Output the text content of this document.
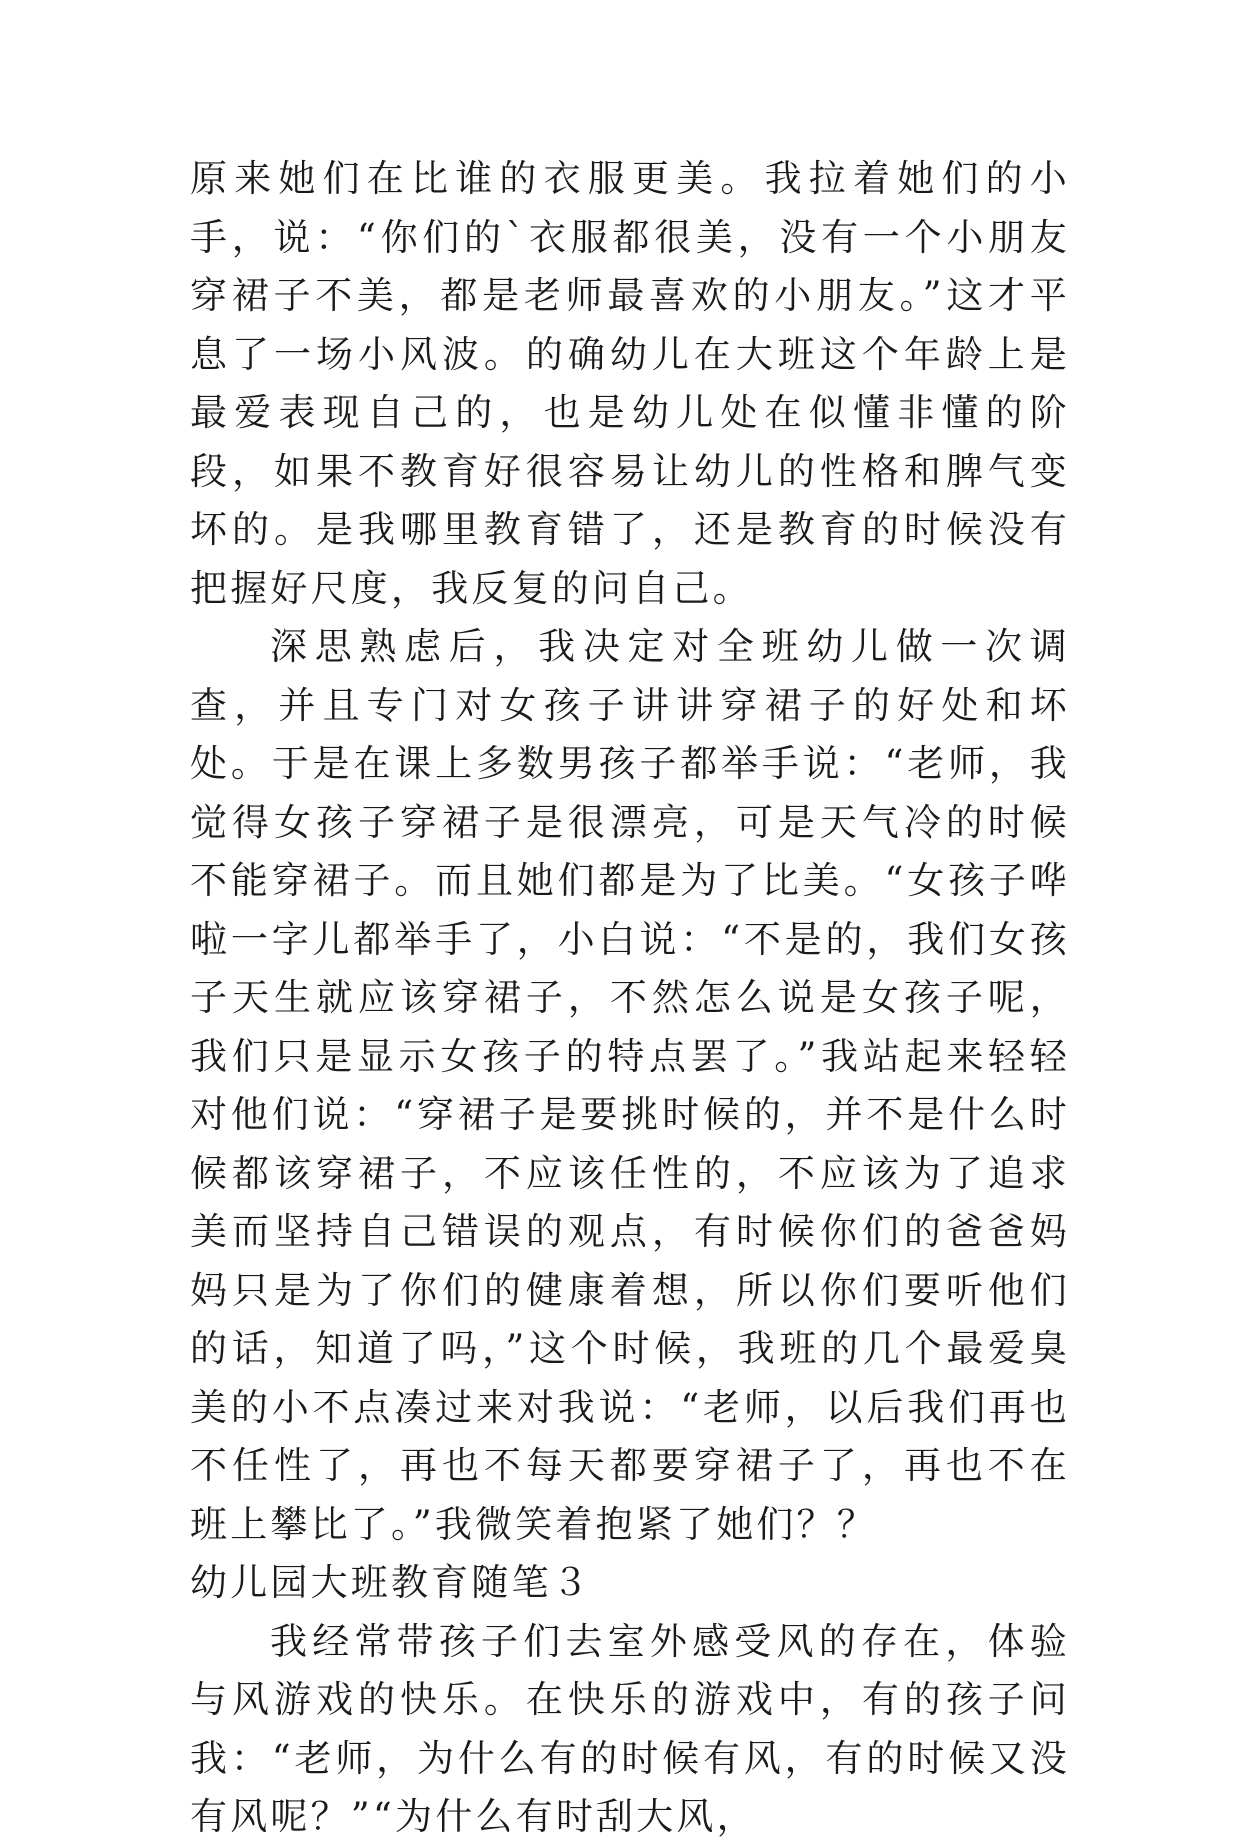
原来她们在比谁的衣服更美。我拉着她们的小手，说：“你们的`衣服都很美，没有一个小朋友穿裙子不美，都是老师最喜欢的小朋友。”这才平息了一场小风波。的确幼儿在大班这个年龄上是最爱表现自己的，也是幼儿处在似懂非懂的阶段，如果不教育好很容易让幼儿的性格和脾气变坏的。是我哪里教育错了，还是教育的时候没有把握好尺度，我反复的问自己。

深思熟虑后，我决定对全班幼儿做一次调查，并且专门对女孩子讲讲穿裙子的好处和坏处。于是在课上多数男孩子都举手说：“老师，我觉得女孩子穿裙子是很漂亮，可是天气冷的时候不能穿裙子。而且她们都是为了比美。“女孩子哗啦一字儿都举手了，小白说：“不是的，我们女孩子天生就应该穿裙子，不然怎么说是女孩子呢，我们只是显示女孩子的特点罢了。”我站起来轻轻对他们说：“穿裙子是要挑时候的，并不是什么时候都该穿裙子，不应该任性的，不应该为了追求美而坚持自己错误的观点，有时候你们的爸爸妈妈只是为了你们的健康着想，所以你们要听他们的话，知道了吗，”这个时候，我班的几个最爱臭美的小不点凑过来对我说：“老师，以后我们再也不任性了，再也不每天都要穿裙子了，再也不在班上攀比了。”我微笑着抱紧了她们？？

幼儿园大班教育随笔３

我经常带孩子们去室外感受风的存在，体验与风游戏的快乐。在快乐的游戏中，有的孩子问我：“老师，为什么有的时候有风，有的时候又没有风呢？”“为什么有时刮大风，
